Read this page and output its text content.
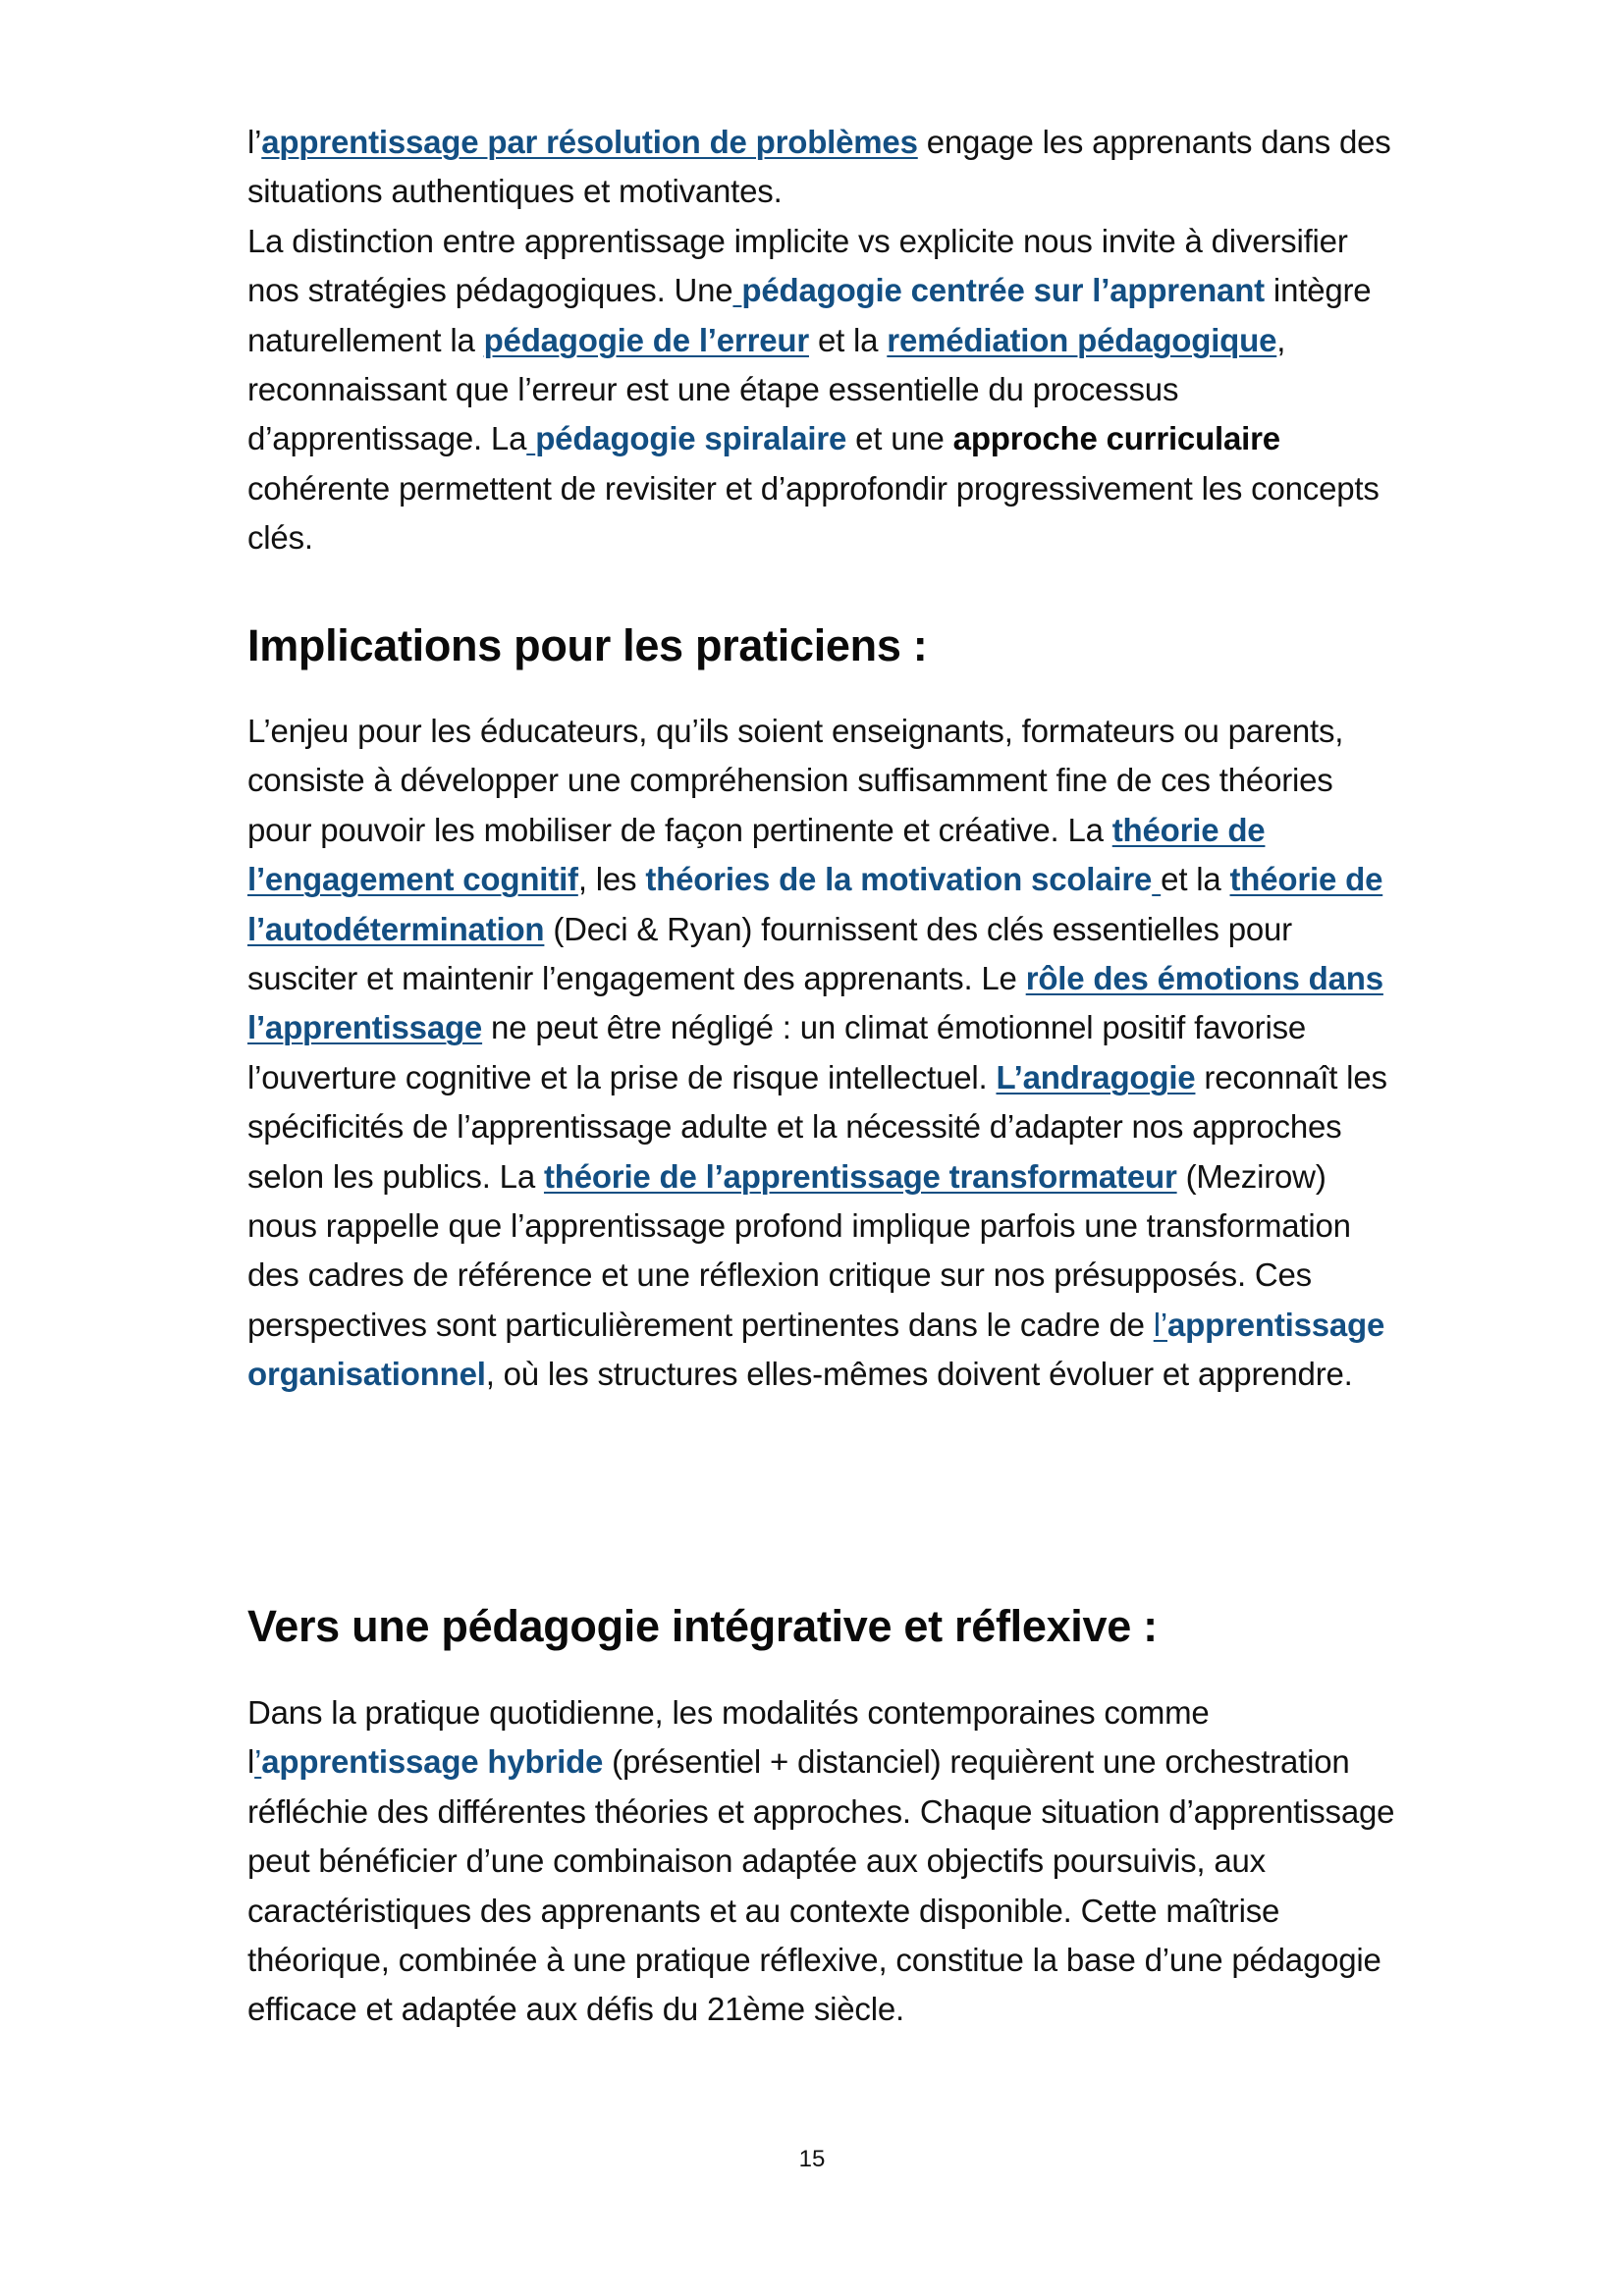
l’apprentissage par résolution de problèmes engage les apprenants dans des situations authentiques et motivantes.
La distinction entre apprentissage implicite vs explicite nous invite à diversifier nos stratégies pédagogiques. Une pédagogie centrée sur l’apprenant intègre naturellement la pédagogie de l’erreur et la remédiation pédagogique, reconnaissant que l’erreur est une étape essentielle du processus d’apprentissage. La pédagogie spiralaire et une approche curriculaire cohérente permettent de revisiter et d’approfondir progressivement les concepts clés.

Implications pour les praticiens :

L’enjeu pour les éducateurs, qu’ils soient enseignants, formateurs ou parents, consiste à développer une compréhension suffisamment fine de ces théories pour pouvoir les mobiliser de façon pertinente et créative. La théorie de l’engagement cognitif, les théories de la motivation scolaire et la théorie de l’autodétermination (Deci & Ryan) fournissent des clés essentielles pour susciter et maintenir l’engagement des apprenants. Le rôle des émotions dans l’apprentissage ne peut être négligé : un climat émotionnel positif favorise l’ouverture cognitive et la prise de risque intellectuel. L’andragogie reconnaît les spécificités de l’apprentissage adulte et la nécessité d’adapter nos approches selon les publics. La théorie de l’apprentissage transformateur (Mezirow) nous rappelle que l’apprentissage profond implique parfois une transformation des cadres de référence et une réflexion critique sur nos présupposés. Ces perspectives sont particulièrement pertinentes dans le cadre de l’apprentissage organisationnel, où les structures elles-mêmes doivent évoluer et apprendre.

Vers une pédagogie intégrative et réflexive :

Dans la pratique quotidienne, les modalités contemporaines comme l’apprentissage hybride (présentiel + distanciel) requièrent une orchestration réfléchie des différentes théories et approches. Chaque situation d’apprentissage peut bénéficier d’une combinaison adaptée aux objectifs poursuivis, aux caractéristiques des apprenants et au contexte disponible. Cette maîtrise théorique, combinée à une pratique réflexive, constitue la base d’une pédagogie efficace et adaptée aux défis du 21ème siècle.

15
